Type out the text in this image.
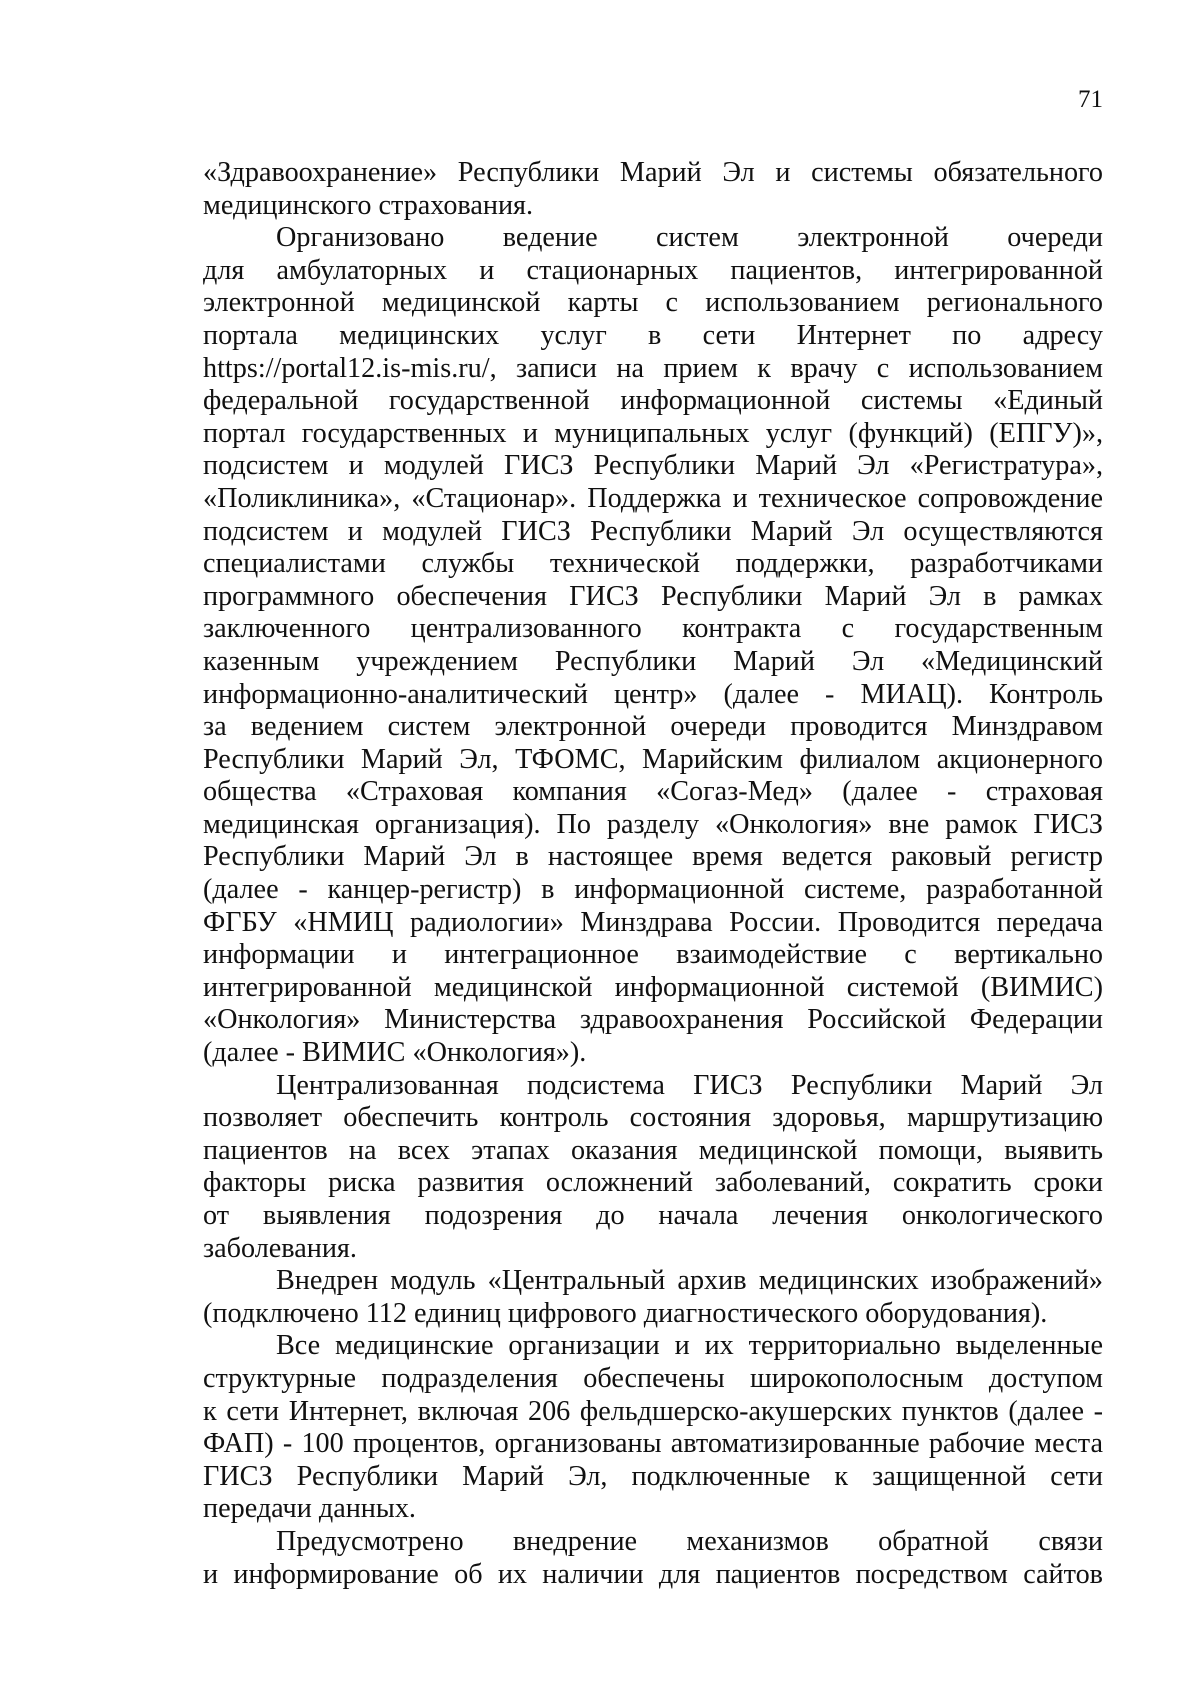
71
«Здравоохранение» Республики Марий Эл и системы обязательного
медицинского страхования.
Организовано ведение систем электронной очереди
для амбулаторных и стационарных пациентов, интегрированной
электронной медицинской карты с использованием регионального
портала медицинских услуг в сети Интернет по адресу
https://portal12.is-mis.ru/, записи на прием к врачу с использованием
федеральной государственной информационной системы «Единый
портал государственных и муниципальных услуг (функций) (ЕПГУ)»,
подсистем и модулей ГИСЗ Республики Марий Эл «Регистратура»,
«Поликлиника», «Стационар». Поддержка и техническое сопровождение
подсистем и модулей ГИСЗ Республики Марий Эл осуществляются
специалистами службы технической поддержки, разработчиками
программного обеспечения ГИСЗ Республики Марий Эл в рамках
заключенного централизованного контракта с государственным
казенным учреждением Республики Марий Эл «Медицинский
информационно-аналитический центр» (далее - МИАЦ). Контроль
за ведением систем электронной очереди проводится Минздравом
Республики Марий Эл, ТФОМС, Марийским филиалом акционерного
общества «Страховая компания «Согаз-Мед» (далее - страховая
медицинская организация). По разделу «Онкология» вне рамок ГИСЗ
Республики Марий Эл в настоящее время ведется раковый регистр
(далее - канцер-регистр) в информационной системе, разработанной
ФГБУ «НМИЦ радиологии» Минздрава России. Проводится передача
информации и интеграционное взаимодействие с вертикально
интегрированной медицинской информационной системой (ВИМИС)
«Онкология» Министерства здравоохранения Российской Федерации
(далее - ВИМИС «Онкология»).
Централизованная подсистема ГИСЗ Республики Марий Эл
позволяет обеспечить контроль состояния здоровья, маршрутизацию
пациентов на всех этапах оказания медицинской помощи, выявить
факторы риска развития осложнений заболеваний, сократить сроки
от выявления подозрения до начала лечения онкологического
заболевания.
Внедрен модуль «Центральный архив медицинских изображений»
(подключено 112 единиц цифрового диагностического оборудования).
Все медицинские организации и их территориально выделенные
структурные подразделения обеспечены широкополосным доступом
к сети Интернет, включая 206 фельдшерско-акушерских пунктов (далее -
ФАП) - 100 процентов, организованы автоматизированные рабочие места
ГИСЗ Республики Марий Эл, подключенные к защищенной сети
передачи данных.
Предусмотрено внедрение механизмов обратной связи
и информирование об их наличии для пациентов посредством сайтов
